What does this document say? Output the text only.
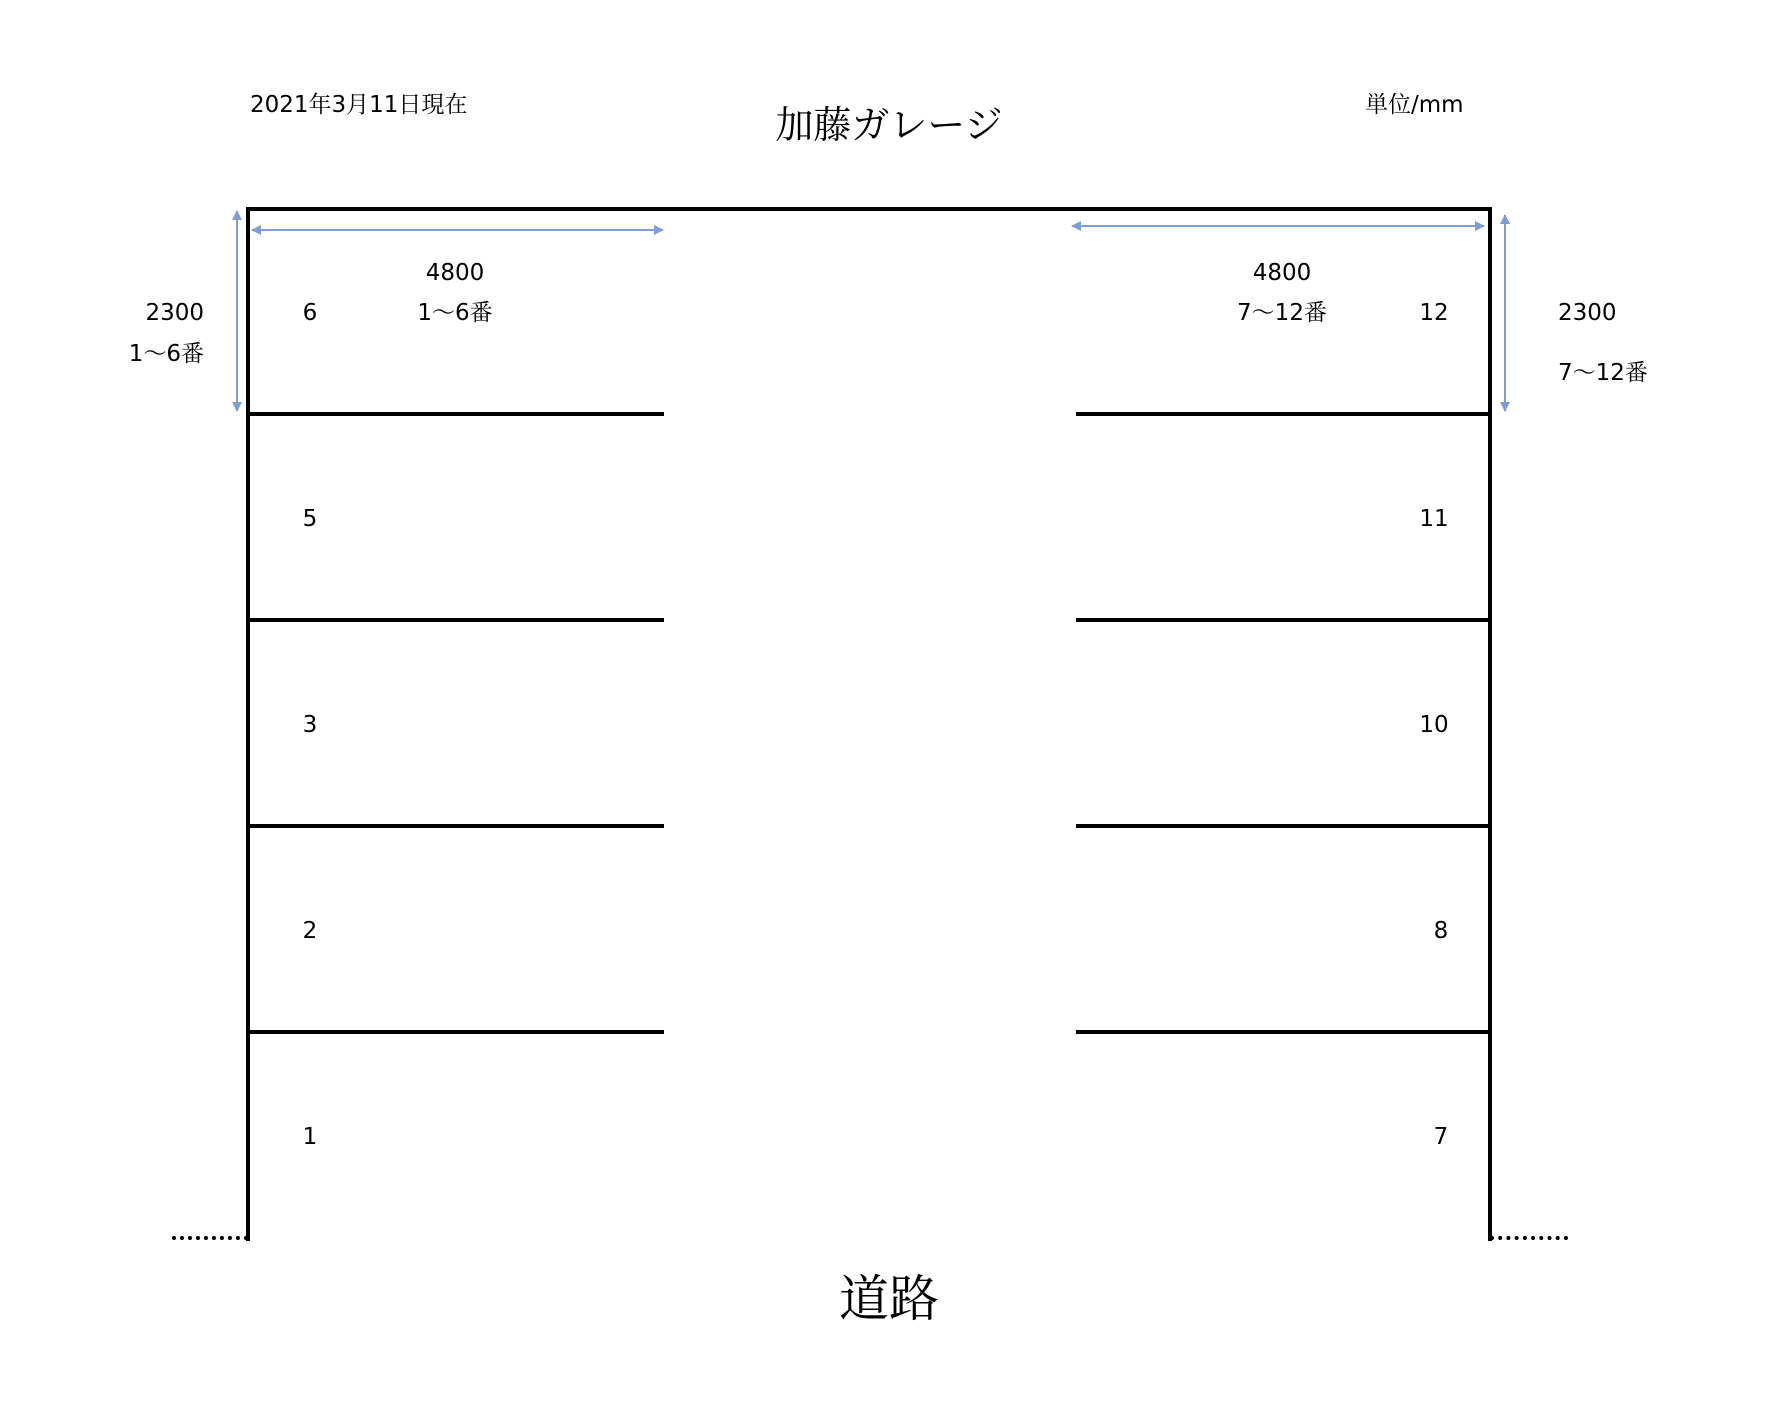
2021年3月11日現在	加藤ガレージ	単位/mm
4800
1〜6番
4800
7〜12番
2300
1〜6番
2300
7〜12番
6
5
3
2
1
12
11
10
8
7
道路
